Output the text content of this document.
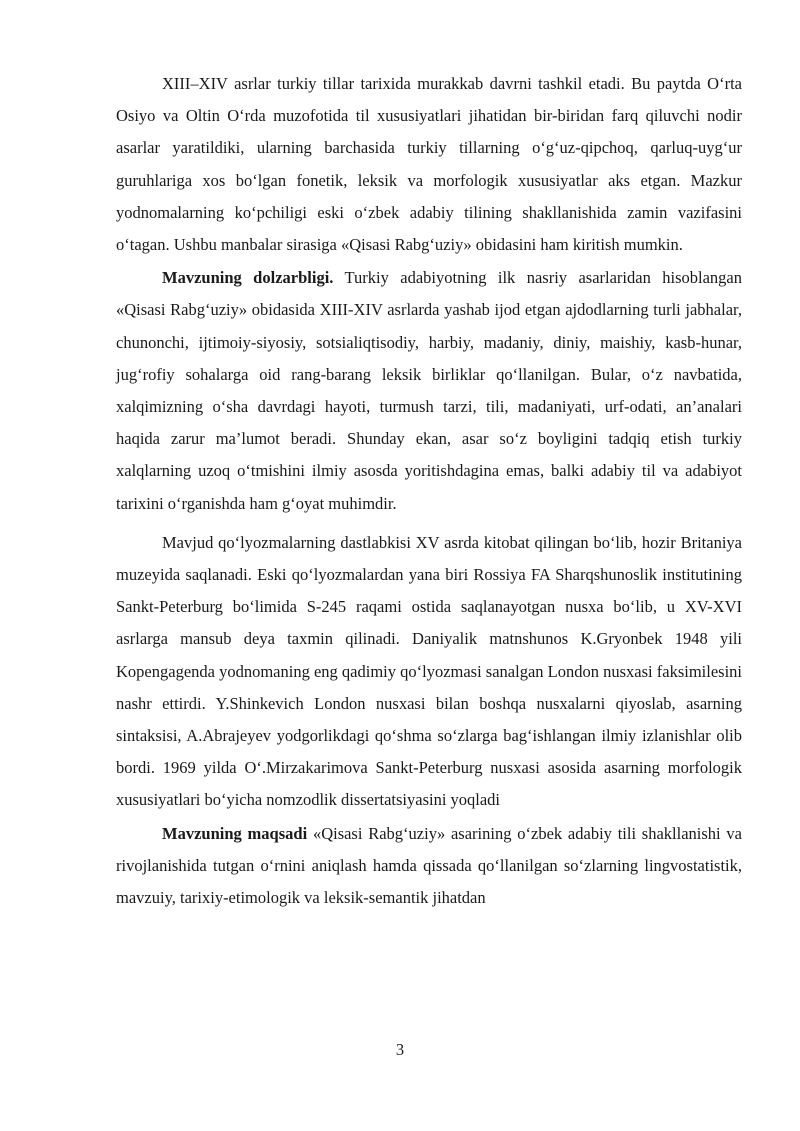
XIII–XIV asrlar turkiy tillar tarixida murakkab davrni tashkil etadi. Bu paytda O‘rta Osiyo va Oltin O‘rda muzofotida til xususiyatlari jihatidan bir-biridan farq qiluvchi nodir asarlar yaratildiki, ularning barchasida turkiy tillarning o‘g‘uz-qipchoq, qarluq-uyg‘ur guruhlariga xos bo‘lgan fonetik, leksik va morfologik xususiyatlar aks etgan. Mazkur yodnomalarning ko‘pchiligi eski o‘zbek adabiy tilining shakllanishida zamin vazifasini o‘tagan. Ushbu manbalar sirasiga «Qisasi Rabg‘uziy» obidasini ham kiritish mumkin.

Mavzuning dolzarbligi. Turkiy adabiyotning ilk nasriy asarlaridan hisoblangan «Qisasi Rabg‘uziy» obidasida XIII-XIV asrlarda yashab ijod etgan ajdodlarning turli jabhalar, chunonchi, ijtimoiy-siyosiy, sotsialiqtisodiy, harbiy, madaniy, diniy, maishiy, kasb-hunar, jug‘rofiy sohalarga oid rang-barang leksik birliklar qo‘llanilgan. Bular, o‘z navbatida, xalqimizning o‘sha davrdagi hayoti, turmush tarzi, tili, madaniyati, urf-odati, an’analari haqida zarur ma’lumot beradi. Shunday ekan, asar so‘z boyligini tadqiq etish turkiy xalqlarning uzoq o‘tmishini ilmiy asosda yoritishdagina emas, balki adabiy til va adabiyot tarixini o‘rganishda ham g‘oyat muhimdir.

Mavjud qo‘lyozmalarning dastlabkisi XV asrda kitobat qilingan bo‘lib, hozir Britaniya muzeyida saqlanadi. Eski qo‘lyozmalardan yana biri Rossiya FA Sharqshunoslik institutining Sankt-Peterburg bo‘limida S-245 raqami ostida saqlanayotgan nusxa bo‘lib, u XV-XVI asrlarga mansub deya taxmin qilinadi. Daniyalik matnshunos K.Gryonbek 1948 yili Kopengagenda yodnomaning eng qadimiy qo‘lyozmasi sanalgan London nusxasi faksimilesini nashr ettirdi. Y.Shinkevich London nusxasi bilan boshqa nusxalarni qiyoslab, asarning sintaksisi, A.Abrajeyev yodgorlikdagi qo‘shma so‘zlarga bag‘ishlangan ilmiy izlanishlar olib bordi. 1969 yilda O‘.Mirzakarimova Sankt-Peterburg nusxasi asosida asarning morfologik xususiyatlari bo‘yicha nomzodlik dissertatsiyasini yoqladi

Mavzuning maqsadi «Qisasi Rabg‘uziy» asarining o‘zbek adabiy tili shakllanishi va rivojlanishida tutgan o‘rnini aniqlash hamda qissada qo‘llanilgan so‘zlarning lingvostatistik, mavzuiy, tarixiy-etimologik va leksik-semantik jihatdan

3
